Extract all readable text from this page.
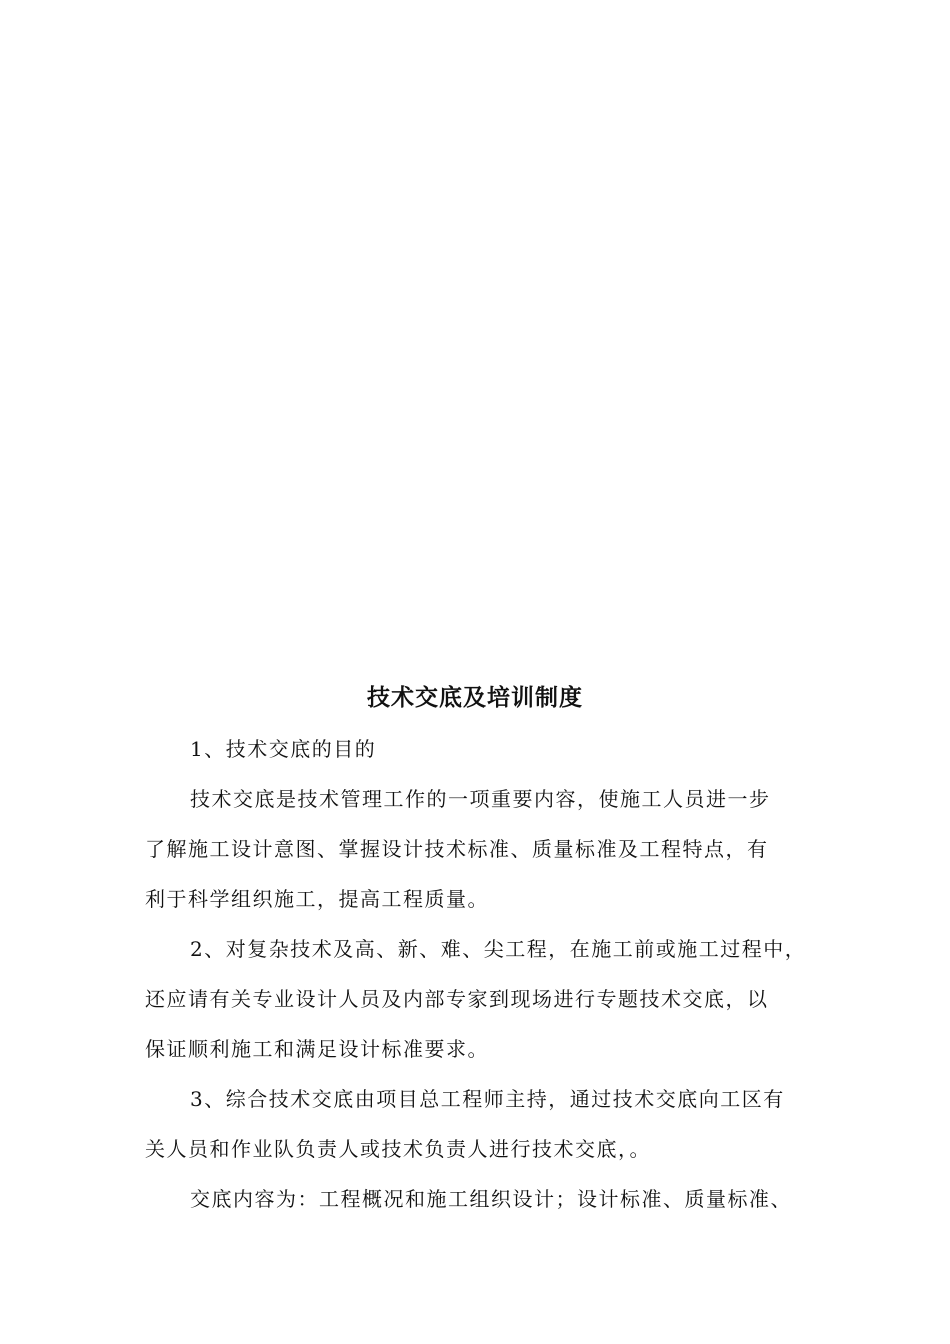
技术交底及培训制度

1、技术交底的目的

技术交底是技术管理工作的一项重要内容，使施工人员进一步

了解施工设计意图、掌握设计技术标准、质量标准及工程特点，有

利于科学组织施工，提高工程质量。

2、对复杂技术及高、新、难、尖工程，在施工前或施工过程中，

还应请有关专业设计人员及内部专家到现场进行专题技术交底，以

保证顺利施工和满足设计标准要求。

3、综合技术交底由项目总工程师主持，通过技术交底向工区有

关人员和作业队负责人或技术负责人进行技术交底，。

交底内容为：工程概况和施工组织设计；设计标准、质量标准、
